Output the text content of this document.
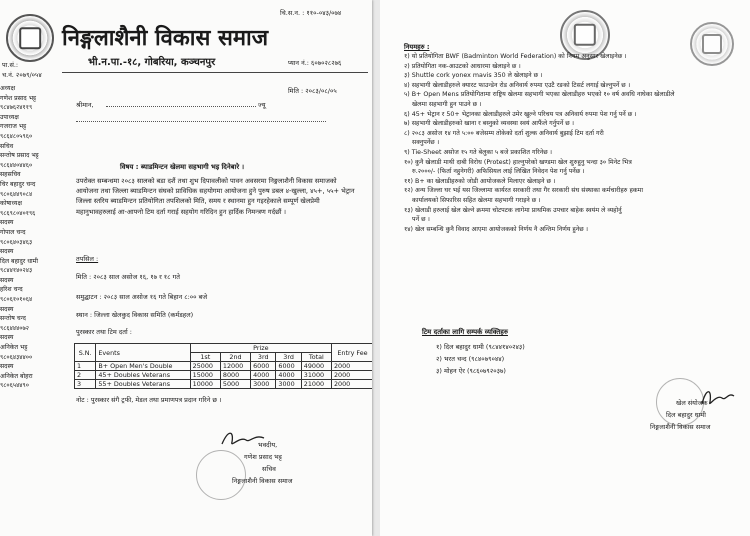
चि.स.न. : ११०-०४३/०७४
पा.सं.:
च.नं. २०७९/०५४
निङ्गलाशैनी विकास समाज
भी.न.पा.-१८, गोबरिया, कञ्चनपुर	प्यान नं.: ६०७०२८२७६
अध्यक्ष
गणेश प्रसाद भट्ट
९८४७६२४११९
उपाध्यक्ष
गजराज भट्ट
९८६४८०५९६०
सचिव
सन्तोष प्रसाद भट्ट
९८६४४०४४६०
सहसचिव
चिर बहादुर चन्द
९८०६४४९०८४
कोषाध्यक्ष
९८६९८०४०१९६
सदस्य
गोपाल चन्द
९८०६४०३४६३
सदस्य
दिल बहादुर धामी
९८४४१४०२४३
सदस्य
हरिश चन्द
९८०६१०१०६४
सदस्य
सन्तोष चन्द
९८६४४४०७२
सदस्य
अनिकेत भट्ट
९८०६४३४४००
सदस्य
अनिकेत बोहरा
९८०६५४४९०
मिति : २०८३/०८/०५
श्रीमान,	ज्यू
विषय : ब्याडमिन्टन खेलमा सहभागी भइ दिनेबारे ।
उपरोक्त सम्बन्धमा २०८३ सालको बडा दशैं तथा शुभ दिपावलीको पावन अवसरमा निङ्गलाशैनी विकास समाजको आयोजना तथा जिल्ला ब्याडमिन्टन संघको प्राविधिक सहयोगमा आयोजना हुने पुरुष डबल ४-खुल्ला, ४५+, ५५+ भेट्रान जिल्ला स्तरिय ब्याडमिन्टन प्रतियोगिता तपशिलको मिति, समय र स्थानमा हुन गइरहेकाले सम्पूर्ण खेलप्रेमी महानुभावहरुलाई आ-आफ्नो टिम दर्ता गराई सहयोग गरिदिन हुन हार्दिक निमन्त्रण गर्दछौं ।
तपसिल :
मिति : २०८३ साल असोज १६, १७ र १८ गते
समुद्घाटन : २०८३ साल असोज १६ गते बिहान ८:०० बजे
स्थान : जिल्ला खेलकुद विकास समिति (कर्मडहल)
पुरस्कार तथा टिम दर्ता :
S.N.	Events	Prize					Entry Fee
		1st	2nd	3rd	3rd	Total	
1	B+ Open Men's Double	25000	12000	6000	6000	49000	2000
2	45+ Doubles Veterans	15000	8000	4000	4000	31000	2000
3	55+ Doubles Veterans	10000	5000	3000	3000	21000	2000
नोट : पुरस्कार संगै ट्रफी, मेडल तथा प्रमाणपत्र प्रदान गरिने छ ।
भवदीय,
गणेश प्रसाद भट्ट
सचिव
निङ्गलाशैनी विकास समाज
नियमहरु :
१) यो प्रतियोगिता BWF (Badminton World Federation) को नियम अनुसार खेलाइनेछ ।
२) प्रतियोगिता नक-आउटको आधारमा खेलाइने छ ।
३) Shuttle cork yonex mavis 350 ले खेलाइने छ ।
४) सहभागी खेलाडीहरुले क्यारट फाउन्डेन रोड अनिवार्य रुपमा एउटै रङको टिसर्ट लगाई खेल्नुपर्ने छ ।
५) B+ Open Mens प्रतियोगितामा राष्ट्रिय खेलमा सहभागी भएका खेलाडीहरु भएको १० वर्ष अवधि नाघेका खेलाडीले
खेलमा सहभागी हुन पाउने छ ।
६) 45+ भेट्रान र 50+ भेट्रानका खेलाडीहरुले उमेर खुल्ने परिचय पत्र अनिवार्य रुपमा पेश गर्नु पर्ने छ ।
७) सहभागी खेलाडीहरुको खाना र बस्नुको व्यवस्था स्वयं आफैंले गर्नुपर्ने छ ।
८) २०८३ असोज १४ गते ५:०० बजेसम्म तोकेको दर्ता शुल्क अनिवार्य बुझाई टिम दर्ता गरी
सक्नुपर्नेछ ।
९) Tie-Sheet असोज १५ गते बेलुका ५ बजे प्रकाशित गरिनेछ ।
१०) कुनै खेलाडी माथी दाबी विरोध (Protest) हाल्नुपरेको खण्डमा खेल शुरुहुनु भन्दा ३० मिनेट भित्र
रु.२०००/- (फिर्ता नहुनेगरी) अफिसियल लाई लिखित निवेदन पेश गर्नु पर्नेछ ।
११) B+ का खेलाडीहरुको जोडी आयोजकले मिलाएर खेलाइने छ ।
१२) अन्य जिल्ला घर भई यस जिल्लामा कार्यरत सरकारी तथा गैर सरकारी संघ संस्थाका कर्मचारीहरु हकमा
कार्यालयको सिफारिस सहित खेलमा सहभागी गराइने छ ।
१३) खेलाडी हरुलाई खेल खेल्ने क्रममा चोटपटक लागेमा प्राथमिक उपचार बाहेक स्वयंम ले व्यहोर्नु
पर्ने छ ।
१४) खेल सम्बन्धि कुनै विवाद आएमा आयोजकको निर्णय नै अन्तिम निर्णय हुनेछ ।
टिम दर्ताका लागि सम्पर्क व्यक्तिहरु
१) दिल बहादुर धामी (९८४४१४०२४३)
२) भरत चन्द (९८४०७९०४४)
३) मोहन ऐर (९८६०७९२०३७)
खेल संयोजक
दिल बहादुर धामी
निङ्गलाशैनी विकास समाज
